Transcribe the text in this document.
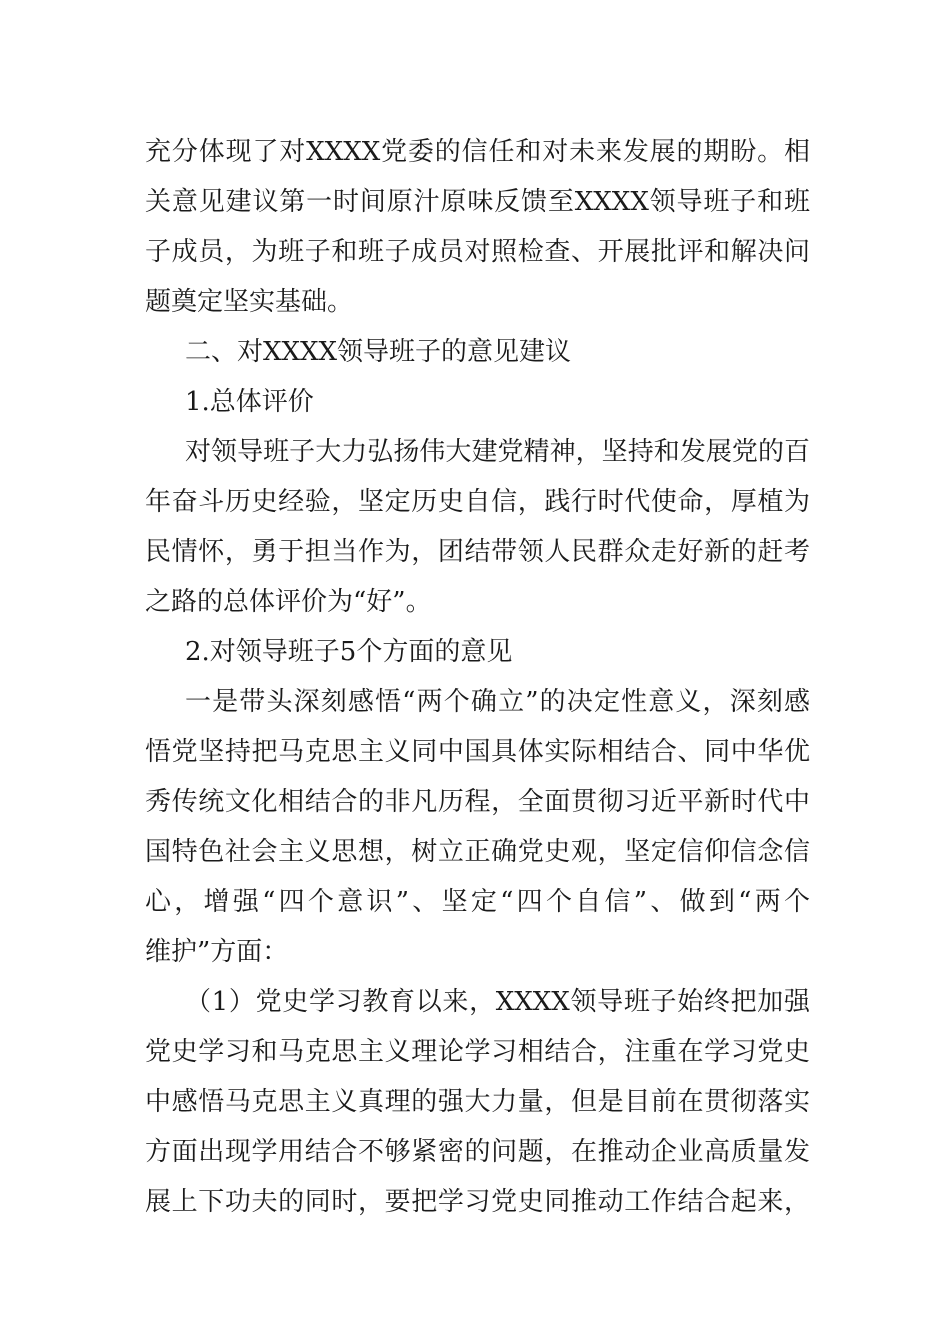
充分体现了对XXXX党委的信任和对未来发展的期盼。相
关意见建议第一时间原汁原味反馈至XXXX领导班子和班
子成员，为班子和班子成员对照检查、开展批评和解决问
题奠定坚实基础。
二、对XXXX领导班子的意见建议
1.总体评价
对领导班子大力弘扬伟大建党精神，坚持和发展党的百
年奋斗历史经验，坚定历史自信，践行时代使命，厚植为
民情怀，勇于担当作为，团结带领人民群众走好新的赶考
之路的总体评价为“好”。
2.对领导班子5个方面的意见
一是带头深刻感悟“两个确立”的决定性意义，深刻感
悟党坚持把马克思主义同中国具体实际相结合、同中华优
秀传统文化相结合的非凡历程，全面贯彻习近平新时代中
国特色社会主义思想，树立正确党史观，坚定信仰信念信
心，增强“四个意识”、坚定“四个自信”、做到“两个
维护”方面：
（1）党史学习教育以来，XXXX领导班子始终把加强
党史学习和马克思主义理论学习相结合，注重在学习党史
中感悟马克思主义真理的强大力量，但是目前在贯彻落实
方面出现学用结合不够紧密的问题，在推动企业高质量发
展上下功夫的同时，要把学习党史同推动工作结合起来，
